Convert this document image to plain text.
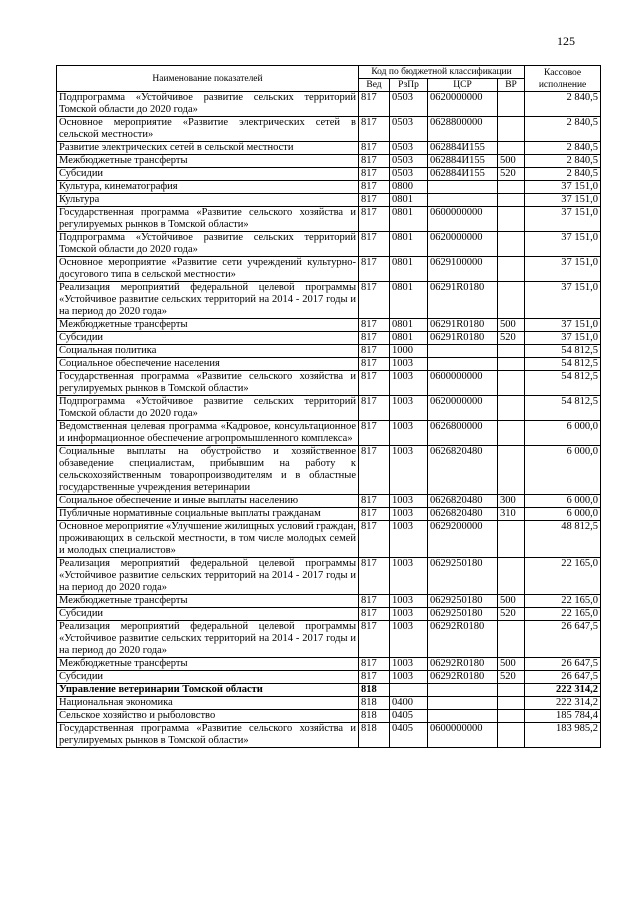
125
Наименование показателей	Код по бюджетной классификации				Кассовое исполнение
	Вед	РзПр	ЦСР	ВР	
Подпрограмма «Устойчивое развитие сельских территорий Томской области до 2020 года»	817	0503	0620000000		2 840,5
Основное мероприятие «Развитие электрических сетей в сельской местности»	817	0503	0628800000		2 840,5
Развитие электрических сетей в сельской местности	817	0503	062884И155		2 840,5
Межбюджетные трансферты	817	0503	062884И155	500	2 840,5
Субсидии	817	0503	062884И155	520	2 840,5
Культура, кинематография	817	0800			37 151,0
Культура	817	0801			37 151,0
Государственная программа «Развитие сельского хозяйства и регулируемых рынков в Томской области»	817	0801	0600000000		37 151,0
Подпрограмма «Устойчивое развитие сельских территорий Томской области до 2020 года»	817	0801	0620000000		37 151,0
Основное мероприятие «Развитие сети учреждений культурно-досугового типа в сельской местности»	817	0801	0629100000		37 151,0
Реализация мероприятий федеральной целевой программы «Устойчивое развитие сельских территорий на 2014 - 2017 годы и на период до 2020 года»	817	0801	06291R0180		37 151,0
Межбюджетные трансферты	817	0801	06291R0180	500	37 151,0
Субсидии	817	0801	06291R0180	520	37 151,0
Социальная политика	817	1000			54 812,5
Социальное обеспечение населения	817	1003			54 812,5
Государственная программа «Развитие сельского хозяйства и регулируемых рынков в Томской области»	817	1003	0600000000		54 812,5
Подпрограмма «Устойчивое развитие сельских территорий Томской области до 2020 года»	817	1003	0620000000		54 812,5
Ведомственная целевая программа «Кадровое, консультационное и информационное обеспечение агропромышленного комплекса»	817	1003	0626800000		6 000,0
Социальные выплаты на обустройство и хозяйственное обзаведение специалистам, прибывшим на работу к сельскохозяйственным товаропроизводителям и в областные государственные учреждения ветеринарии	817	1003	0626820480		6 000,0
Социальное обеспечение и иные выплаты населению	817	1003	0626820480	300	6 000,0
Публичные нормативные социальные выплаты гражданам	817	1003	0626820480	310	6 000,0
Основное мероприятие «Улучшение жилищных условий граждан, проживающих в сельской местности, в том числе молодых семей и молодых специалистов»	817	1003	0629200000		48 812,5
Реализация мероприятий федеральной целевой программы «Устойчивое развитие сельских территорий на 2014 - 2017 годы и на период до 2020 года»	817	1003	0629250180		22 165,0
Межбюджетные трансферты	817	1003	0629250180	500	22 165,0
Субсидии	817	1003	0629250180	520	22 165,0
Реализация мероприятий федеральной целевой программы «Устойчивое развитие сельских территорий на 2014 - 2017 годы и на период до 2020 года»	817	1003	06292R0180		26 647,5
Межбюджетные трансферты	817	1003	06292R0180	500	26 647,5
Субсидии	817	1003	06292R0180	520	26 647,5
Управление ветеринарии Томской области	818				222 314,2
Национальная экономика	818	0400			222 314,2
Сельское хозяйство и рыболовство	818	0405			185 784,4
Государственная программа «Развитие сельского хозяйства и регулируемых рынков в Томской области»	818	0405	0600000000		183 985,2
